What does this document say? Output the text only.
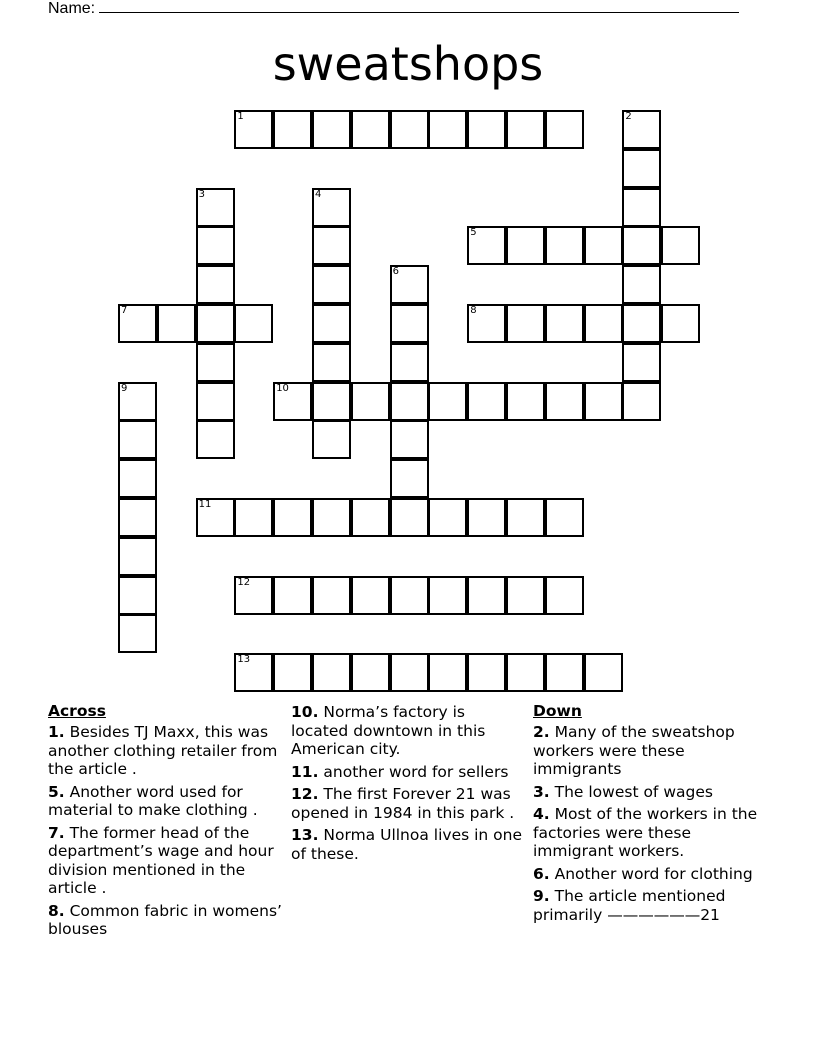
Name:
sweatshops
1	2
3	4
5
6
7	8
9	10
11
12
13
Across
1. Besides TJ Maxx, this was another clothing retailer from the article .
5. Another word used for material to make clothing .
7. The former head of the department’s wage and hour division mentioned in the article .
8. Common fabric in womens’ blouses
10. Norma’s factory is located downtown in this American city.
11. another word for sellers
12. The first Forever 21 was opened in 1984 in this park .
13. Norma Ullnoa lives in one of these.
Down
2. Many of the sweatshop workers were these immigrants
3. The lowest of wages
4. Most of the workers in the factories were these immigrant workers.
6. Another word for clothing
9. The article mentioned primarily ——————21
